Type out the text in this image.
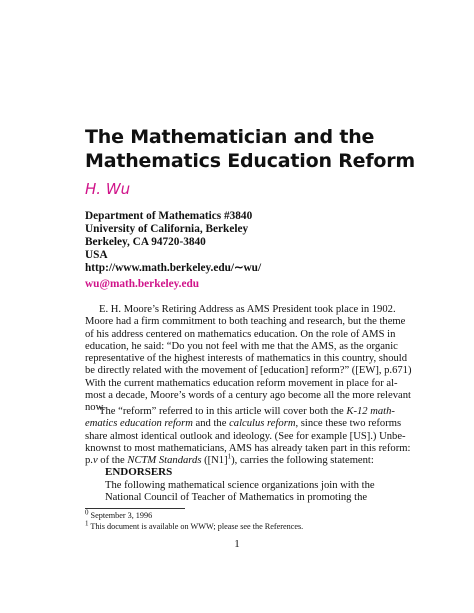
The Mathematician and the
Mathematics Education Reform
H. Wu
Department of Mathematics #3840
University of California, Berkeley
Berkeley, CA 94720-3840
USA
http://www.math.berkeley.edu/∼wu/
wu@math.berkeley.edu
E. H. Moore’s Retiring Address as AMS President took place in 1902.
Moore had a firm commitment to both teaching and research, but the theme
of his address centered on mathematics education. On the role of AMS in
education, he said: “Do you not feel with me that the AMS, as the organic
representative of the highest interests of mathematics in this country, should
be directly related with the movement of [education] reform?” ([EW], p.671)
With the current mathematics education reform movement in place for al-
most a decade, Moore’s words of a century ago become all the more relevant
now.
The “reform” referred to in this article will cover both the K-12 math-
ematics education reform and the calculus reform, since these two reforms
share almost identical outlook and ideology. (See for example [US].) Unbe-
knownst to most mathematicians, AMS has already taken part in this reform:
p.v of the NCTM Standards $([N1]^1)$, carries the following statement:
ENDORSERS
The following mathematical science organizations join with the
National Council of Teacher of Mathematics in promoting the
$^0$ September 3, 1996
$^1$ This document is available on WWW; please see the References.
1
